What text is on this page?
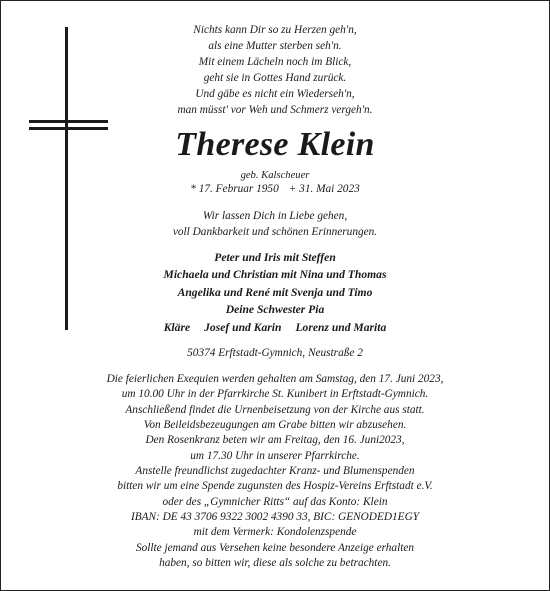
Nichts kann Dir so zu Herzen geh'n,
als eine Mutter sterben seh'n.
Mit einem Lächeln noch im Blick,
geht sie in Gottes Hand zurück.
Und gäbe es nicht ein Wiederseh'n,
man müsst' vor Weh und Schmerz vergeh'n.
Therese Klein
geb. Kalscheuer
* 17. Februar 1950 + 31. Mai 2023
Wir lassen Dich in Liebe gehen,
voll Dankbarkeit und schönen Erinnerungen.
Peter und Iris mit Steffen
Michaela und Christian mit Nina und Thomas
Angelika und René mit Svenja und Timo
Deine Schwester Pia
Kläre Josef und Karin Lorenz und Marita
50374 Erftstadt-Gymnich, Neustraße 2
Die feierlichen Exequien werden gehalten am Samstag, den 17. Juni 2023,
um 10.00 Uhr in der Pfarrkirche St. Kunibert in Erftstadt-Gymnich.
Anschließend findet die Urnenbeisetzung von der Kirche aus statt.
Von Beileidsbezeugungen am Grabe bitten wir abzusehen.
Den Rosenkranz beten wir am Freitag, den 16. Juni2023,
um 17.30 Uhr in unserer Pfarrkirche.
Anstelle freundlichst zugedachter Kranz- und Blumenspenden
bitten wir um eine Spende zugunsten des Hospiz-Vereins Erftstadt e.V.
oder des „Gymnicher Ritts“ auf das Konto: Klein
IBAN: DE 43 3706 9322 3002 4390 33, BIC: GENODED1EGY
mit dem Vermerk: Kondolenzspende
Sollte jemand aus Versehen keine besondere Anzeige erhalten
haben, so bitten wir, diese als solche zu betrachten.
